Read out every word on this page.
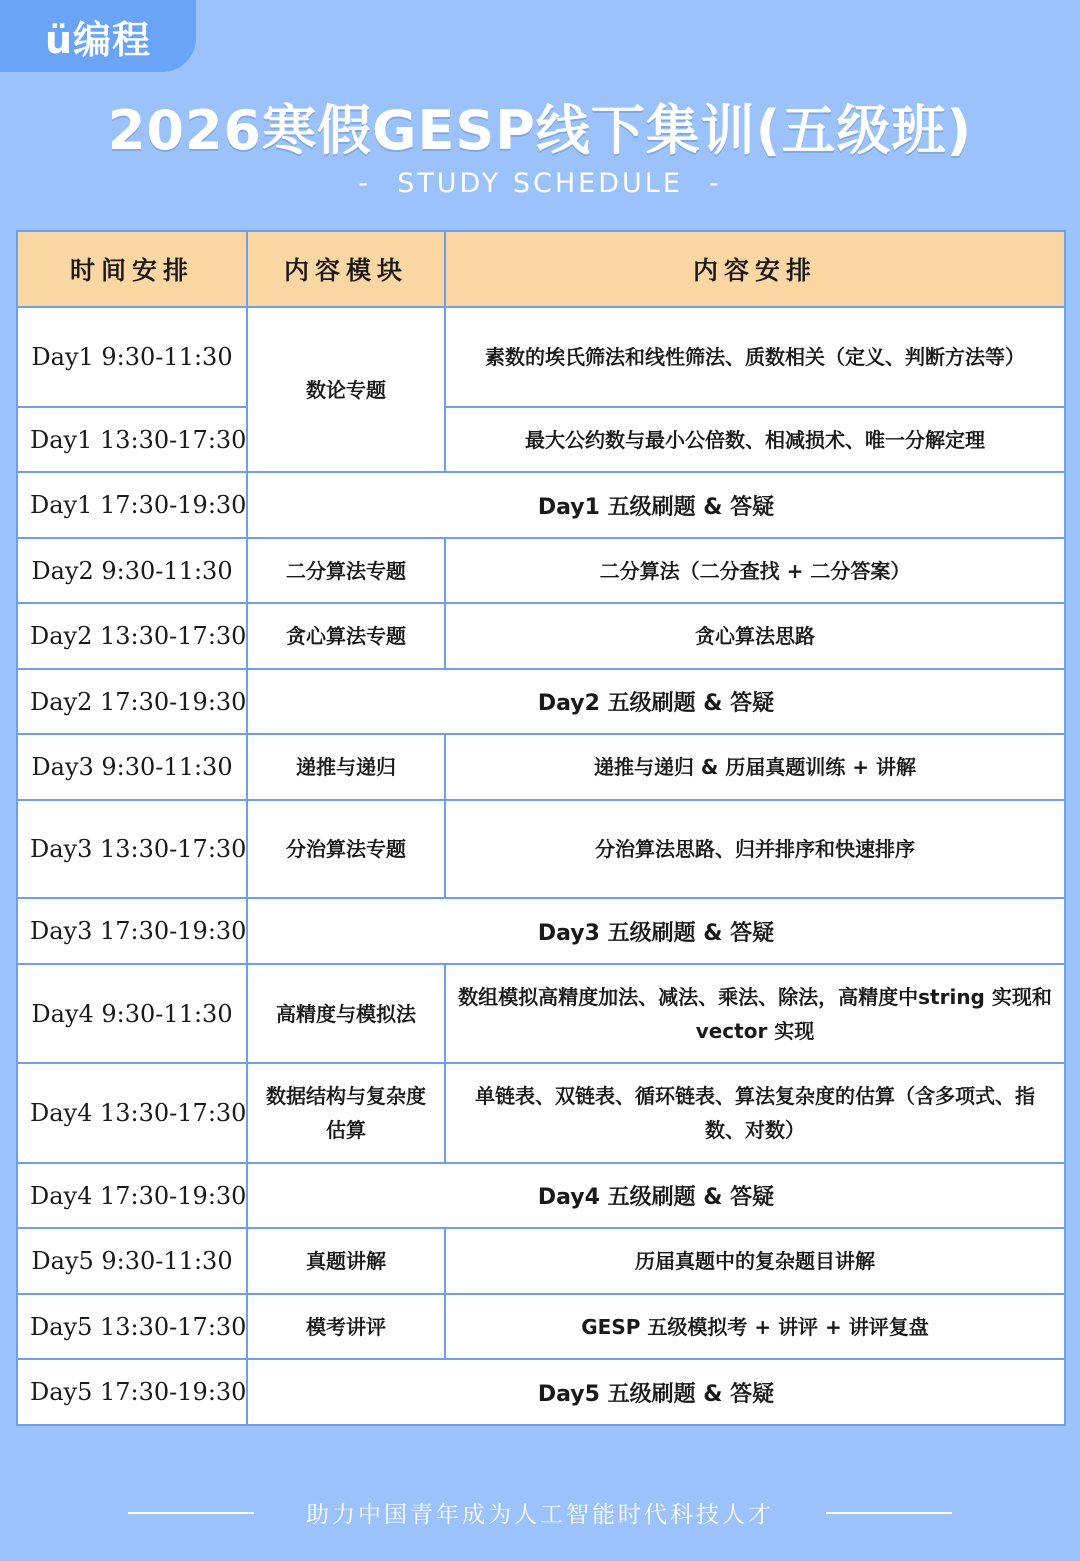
ü编程
2026寒假GESP线下集训(五级班)
- STUDY SCHEDULE -
时间安排	内容模块	内容安排
Day1 9:30-11:30	数论专题	素数的埃氏筛法和线性筛法、质数相关（定义、判断方法等）
Day1 13:30-17:30		最大公约数与最小公倍数、相减损术、唯一分解定理
Day1 17:30-19:30	Day1 五级刷题 & 答疑	
Day2 9:30-11:30	二分算法专题	二分算法（二分查找 + 二分答案）
Day2 13:30-17:30	贪心算法专题	贪心算法思路
Day2 17:30-19:30	Day2 五级刷题 & 答疑	
Day3 9:30-11:30	递推与递归	递推与递归 & 历届真题训练 + 讲解
Day3 13:30-17:30	分治算法专题	分治算法思路、归并排序和快速排序
Day3 17:30-19:30	Day3 五级刷题 & 答疑	
Day4 9:30-11:30	高精度与模拟法	数组模拟高精度加法、减法、乘法、除法，高精度中string 实现和 vector 实现
Day4 13:30-17:30	数据结构与复杂度估算	单链表、双链表、循环链表、算法复杂度的估算（含多项式、指数、对数）
Day4 17:30-19:30	Day4 五级刷题 & 答疑	
Day5 9:30-11:30	真题讲解	历届真题中的复杂题目讲解
Day5 13:30-17:30	模考讲评	GESP 五级模拟考 + 讲评 + 讲评复盘
Day5 17:30-19:30	Day5 五级刷题 & 答疑	
助力中国青年成为人工智能时代科技人才
